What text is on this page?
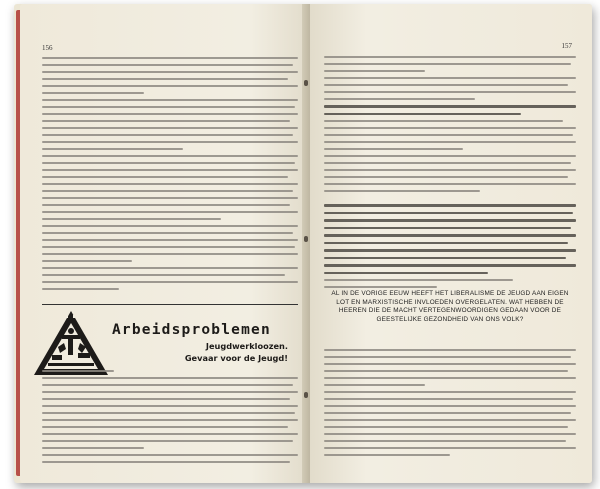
156
Arbeidsproblemen
Jeugdwerkloozen.
Gevaar voor de Jeugd!
157
AL IN DE VORIGE EEUW HEEFT HET LIBERALISME DE JEUGD AAN EIGEN LOT EN MARXISTISCHE INVLOEDEN OVERGELATEN. WAT HEBBEN DE HEEREN DIE DE MACHT VERTEGENWOORDIGEN GEDAAN VOOR DE GEESTELIJKE GEZONDHEID VAN ONS VOLK?
